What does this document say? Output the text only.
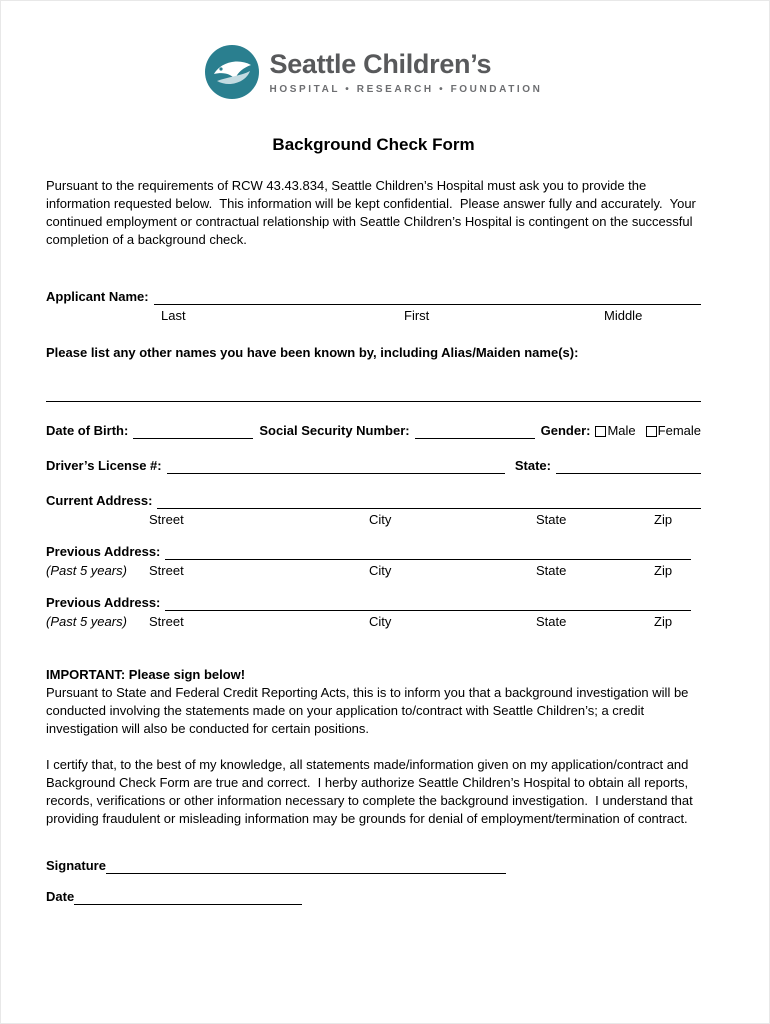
Seattle Children’s
HOSPITAL • RESEARCH • FOUNDATION
Background Check Form

Pursuant to the requirements of RCW 43.43.834, Seattle Children’s Hospital must ask you to provide the information requested below.  This information will be kept confidential.  Please answer fully and accurately.  Your continued employment or contractual relationship with Seattle Children’s Hospital is contingent on the successful completion of a background check.

Applicant Name:
Last	First	Middle

Please list any other names you have been known by, including Alias/Maiden name(s):

Date of Birth:	Social Security Number:	Gender: Male Female
Driver’s License #:	State:
Current Address:
Street	City	State	Zip
Previous Address:
(Past 5 years) Street	City	State	Zip
Previous Address:
(Past 5 years) Street	City	State	Zip

IMPORTANT: Please sign below!

Pursuant to State and Federal Credit Reporting Acts, this is to inform you that a background investigation will be conducted involving the statements made on your application to/contract with Seattle Children’s; a credit investigation will also be conducted for certain positions.

I certify that, to the best of my knowledge, all statements made/information given on my application/contract and Background Check Form are true and correct.  I herby authorize Seattle Children’s Hospital to obtain all reports, records, verifications or other information necessary to complete the background investigation.  I understand that providing fraudulent or misleading information may be grounds for denial of employment/termination of contract.

Signature
Date
